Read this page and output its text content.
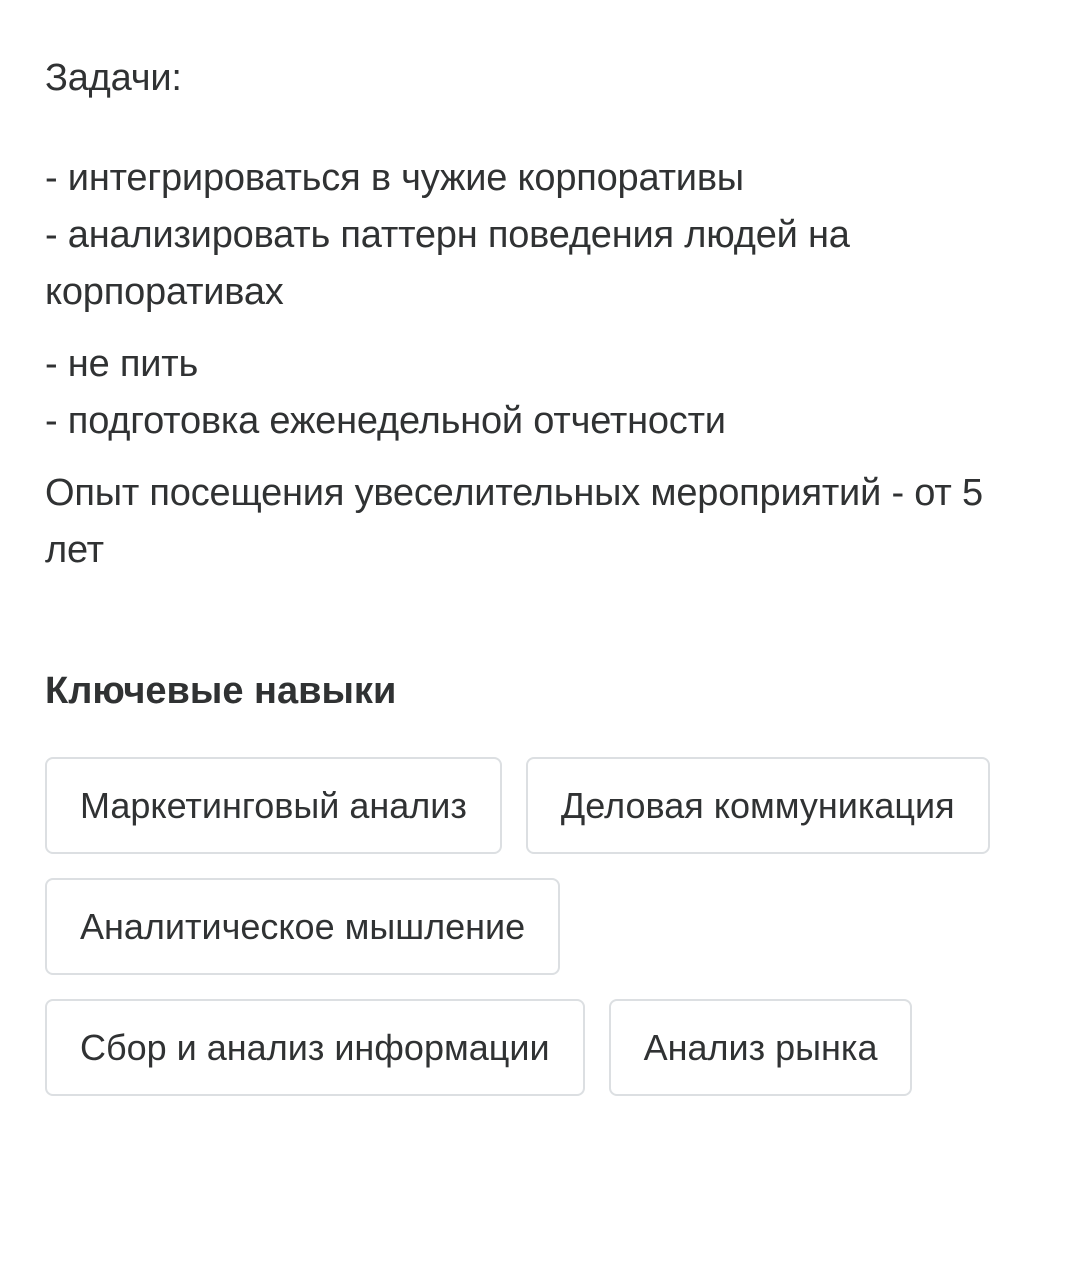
Задачи:

- интегрироваться в чужие корпоративы
- анализировать паттерн поведения людей на корпоративах

- не пить
- подготовка еженедельной отчетности

Опыт посещения увеселительных мероприятий - от 5 лет

Ключевые навыки
Маркетинговый анализ	Деловая коммуникация
Аналитическое мышление
Сбор и анализ информации	Анализ рынка
